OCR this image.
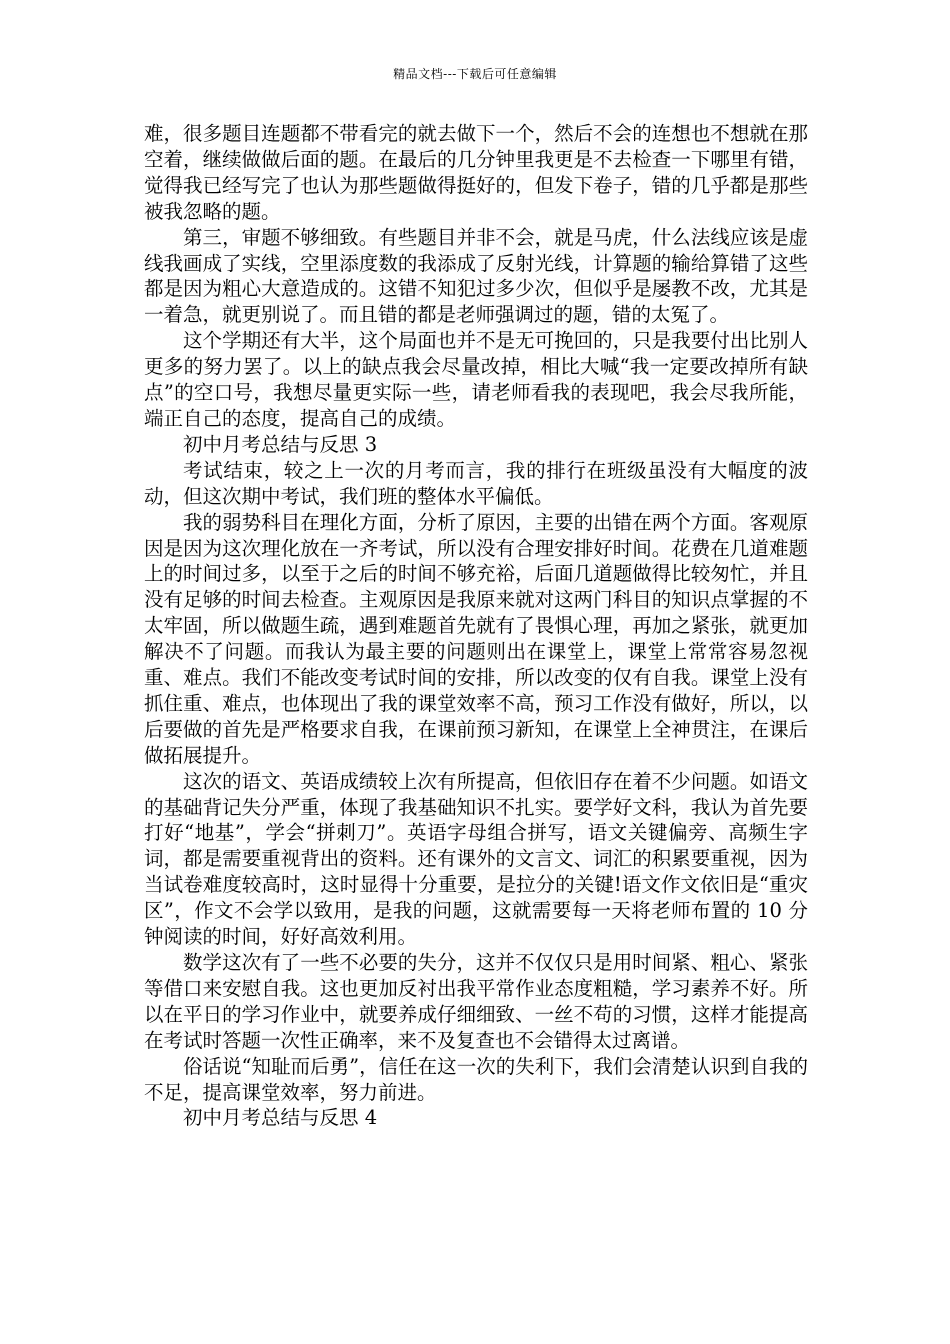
精品文档---下载后可任意编辑

难，很多题目连题都不带看完的就去做下一个，然后不会的连想也不想就在那空着，继续做做后面的题。在最后的几分钟里我更是不去检查一下哪里有错，觉得我已经写完了也认为那些题做得挺好的，但发下卷子，错的几乎都是那些被我忽略的题。

第三，审题不够细致。有些题目并非不会，就是马虎，什么法线应该是虚线我画成了实线，空里添度数的我添成了反射光线，计算题的输给算错了这些都是因为粗心大意造成的。这错不知犯过多少次，但似乎是屡教不改，尤其是一着急，就更别说了。而且错的都是老师强调过的题，错的太冤了。

这个学期还有大半，这个局面也并不是无可挽回的，只是我要付出比别人更多的努力罢了。以上的缺点我会尽量改掉，相比大喊“我一定要改掉所有缺点”的空口号，我想尽量更实际一些，请老师看我的表现吧，我会尽我所能，端正自己的态度，提高自己的成绩。

初中月考总结与反思 3

考试结束，较之上一次的月考而言，我的排行在班级虽没有大幅度的波动，但这次期中考试，我们班的整体水平偏低。

我的弱势科目在理化方面，分析了原因，主要的出错在两个方面。客观原因是因为这次理化放在一齐考试，所以没有合理安排好时间。花费在几道难题上的时间过多，以至于之后的时间不够充裕，后面几道题做得比较匆忙，并且没有足够的时间去检查。主观原因是我原来就对这两门科目的知识点掌握的不太牢固，所以做题生疏，遇到难题首先就有了畏惧心理，再加之紧张，就更加解决不了问题。而我认为最主要的问题则出在课堂上，课堂上常常容易忽视重、难点。我们不能改变考试时间的安排，所以改变的仅有自我。课堂上没有抓住重、难点，也体现出了我的课堂效率不高，预习工作没有做好，所以，以后要做的首先是严格要求自我，在课前预习新知，在课堂上全神贯注，在课后做拓展提升。

这次的语文、英语成绩较上次有所提高，但依旧存在着不少问题。如语文的基础背记失分严重，体现了我基础知识不扎实。要学好文科，我认为首先要打好“地基”，学会“拼刺刀”。英语字母组合拼写，语文关键偏旁、高频生字词，都是需要重视背出的资料。还有课外的文言文、词汇的积累要重视，因为当试卷难度较高时，这时显得十分重要，是拉分的关键!语文作文依旧是“重灾区”，作文不会学以致用，是我的问题，这就需要每一天将老师布置的 10 分钟阅读的时间，好好高效利用。

数学这次有了一些不必要的失分，这并不仅仅只是用时间紧、粗心、紧张等借口来安慰自我。这也更加反衬出我平常作业态度粗糙，学习素养不好。所以在平日的学习作业中，就要养成仔细细致、一丝不苟的习惯，这样才能提高在考试时答题一次性正确率，来不及复查也不会错得太过离谱。

俗话说“知耻而后勇”，信任在这一次的失利下，我们会清楚认识到自我的不足，提高课堂效率，努力前进。

初中月考总结与反思 4
